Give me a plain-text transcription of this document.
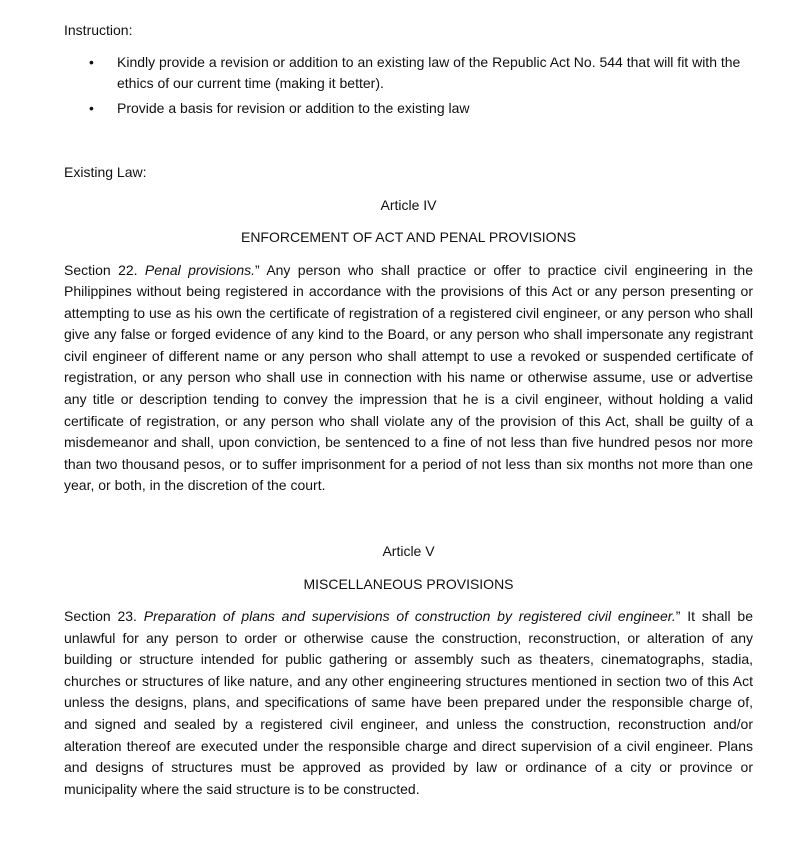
Instruction:

• Kindly provide a revision or addition to an existing law of the Republic Act No. 544 that will fit with the ethics of our current time (making it better).
• Provide a basis for revision or addition to the existing law

Existing Law:

Article IV

ENFORCEMENT OF ACT AND PENAL PROVISIONS

Section 22. Penal provisions.” Any person who shall practice or offer to practice civil engineering in the Philippines without being registered in accordance with the provisions of this Act or any person presenting or attempting to use as his own the certificate of registration of a registered civil engineer, or any person who shall give any false or forged evidence of any kind to the Board, or any person who shall impersonate any registrant civil engineer of different name or any person who shall attempt to use a revoked or suspended certificate of registration, or any person who shall use in connection with his name or otherwise assume, use or advertise any title or description tending to convey the impression that he is a civil engineer, without holding a valid certificate of registration, or any person who shall violate any of the provision of this Act, shall be guilty of a misdemeanor and shall, upon conviction, be sentenced to a fine of not less than five hundred pesos nor more than two thousand pesos, or to suffer imprisonment for a period of not less than six months not more than one year, or both, in the discretion of the court.

Article V

MISCELLANEOUS PROVISIONS

Section 23. Preparation of plans and supervisions of construction by registered civil engineer.” It shall be unlawful for any person to order or otherwise cause the construction, reconstruction, or alteration of any building or structure intended for public gathering or assembly such as theaters, cinematographs, stadia, churches or structures of like nature, and any other engineering structures mentioned in section two of this Act unless the designs, plans, and specifications of same have been prepared under the responsible charge of, and signed and sealed by a registered civil engineer, and unless the construction, reconstruction and/or alteration thereof are executed under the responsible charge and direct supervision of a civil engineer. Plans and designs of structures must be approved as provided by law or ordinance of a city or province or municipality where the said structure is to be constructed.
